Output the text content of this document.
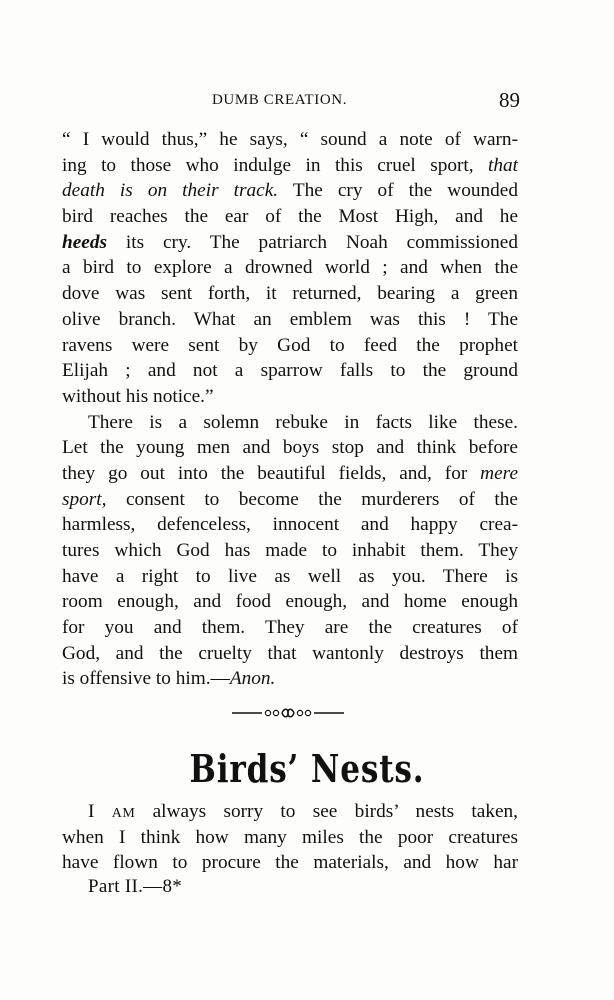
DUMB CREATION.	89
“ I would thus,” he says, “ sound a note of warn-
ing to those who indulge in this cruel sport, that
death is on their track. The cry of the wounded
bird reaches the ear of the Most High, and he
heeds its cry. The patriarch Noah commissioned
a bird to explore a drowned world ; and when the
dove was sent forth, it returned, bearing a green
olive branch. What an emblem was this ! The
ravens were sent by God to feed the prophet
Elijah ; and not a sparrow falls to the ground
without his notice.”
There is a solemn rebuke in facts like these.
Let the young men and boys stop and think before
they go out into the beautiful fields, and, for mere
sport, consent to become the murderers of the
harmless, defenceless, innocent and happy crea-
tures which God has made to inhabit them. They
have a right to live as well as you. There is
room enough, and food enough, and home enough
for you and them. They are the creatures of
God, and the cruelty that wantonly destroys them
is offensive to him.—Anon.
Birds’ Nests.
I AM always sorry to see birds’ nests taken,
when I think how many miles the poor creatures
have flown to procure the materials, and how har
Part II.—8*
